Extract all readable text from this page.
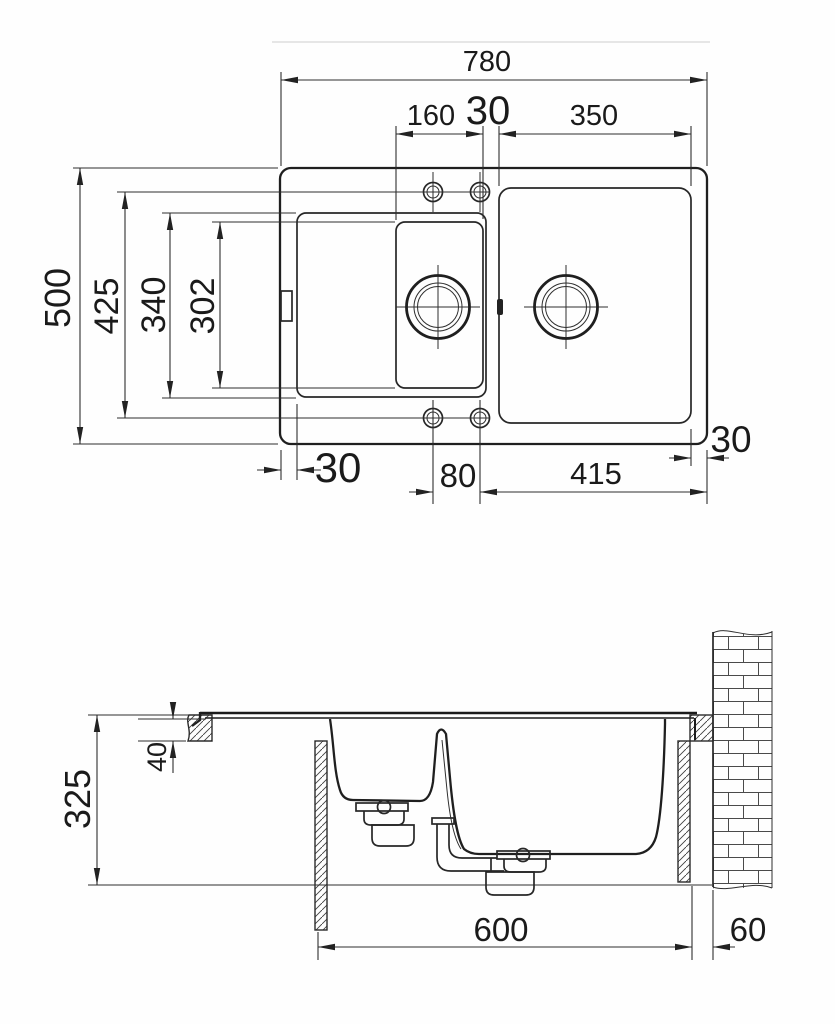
780
160 30 350
500 425 340 302
30 80	415
30
325
40
600	60
